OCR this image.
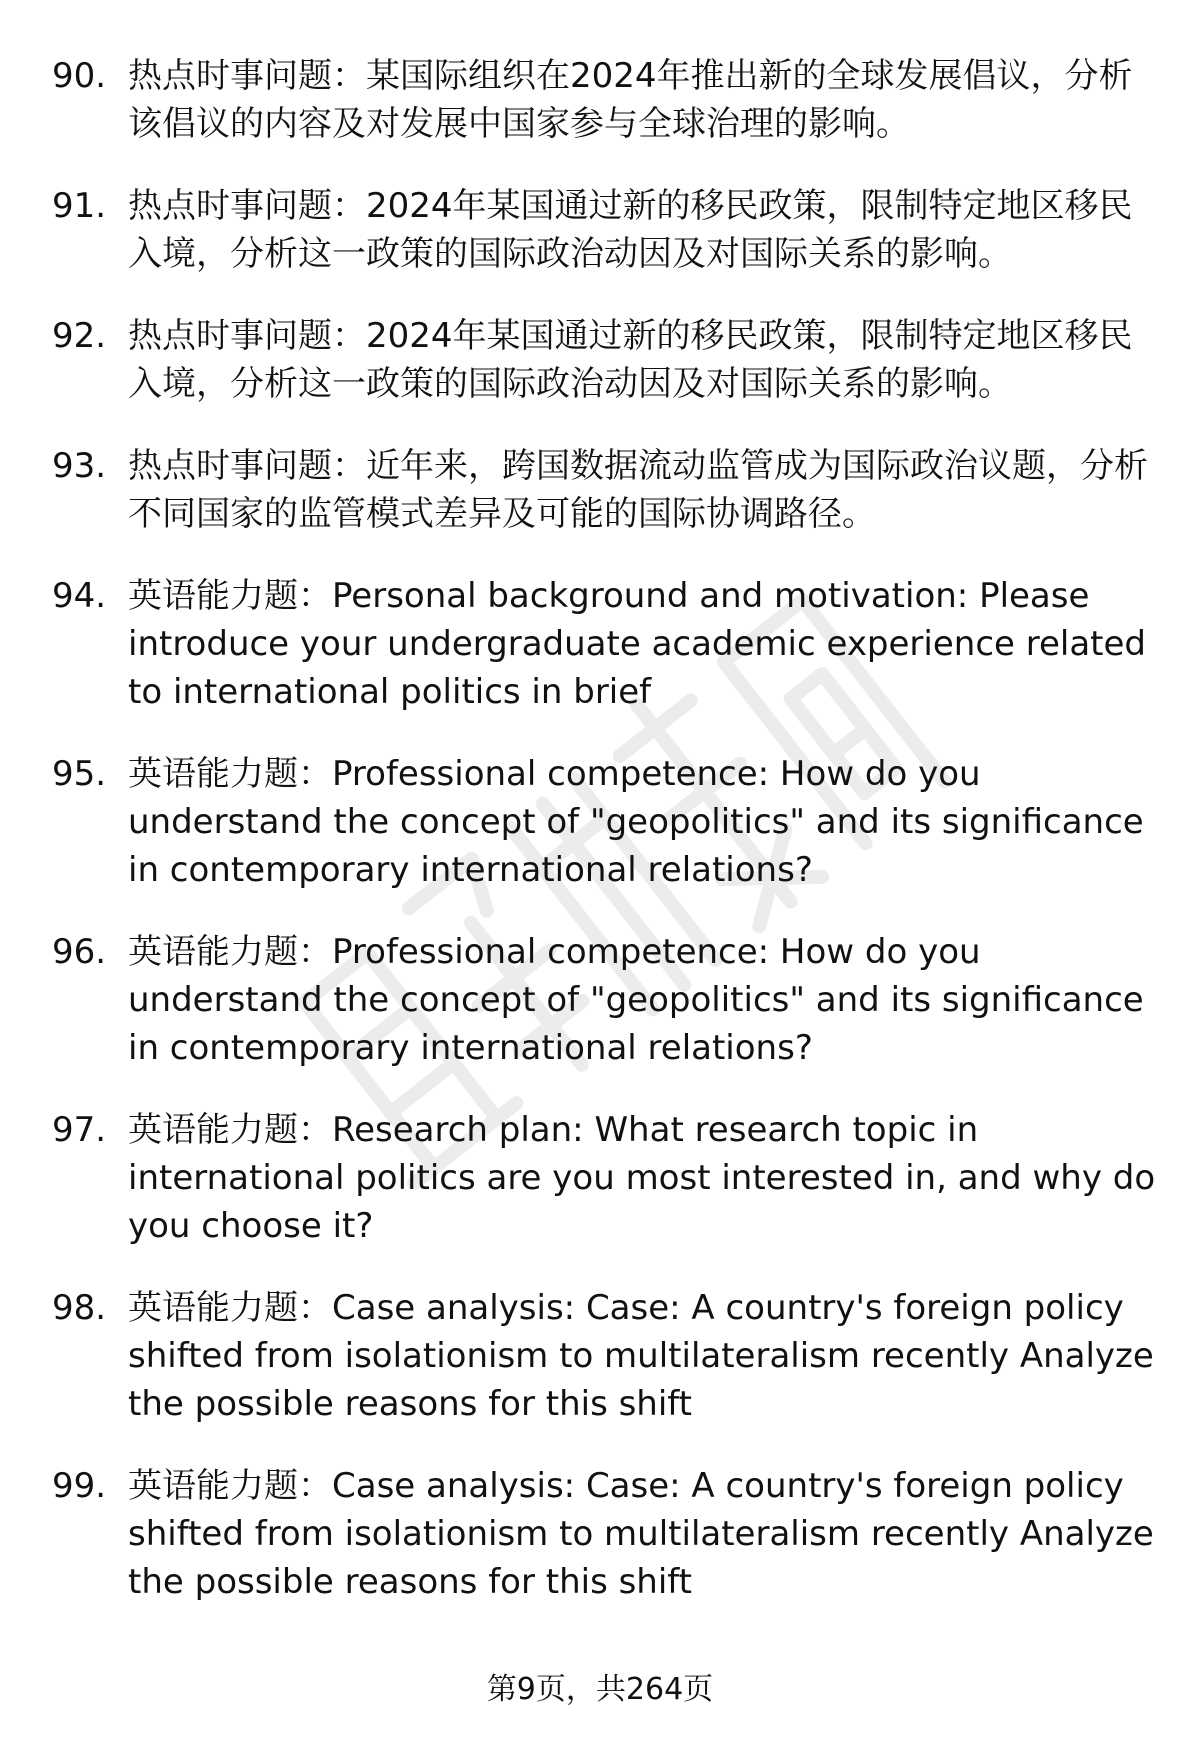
90. 热点时事问题：某国际组织在2024年推出新的全球发展倡议，分析该倡议的内容及对发展中国家参与全球治理的影响。
91. 热点时事问题：2024年某国通过新的移民政策，限制特定地区移民入境，分析这一政策的国际政治动因及对国际关系的影响。
92. 热点时事问题：2024年某国通过新的移民政策，限制特定地区移民入境，分析这一政策的国际政治动因及对国际关系的影响。
93. 热点时事问题：近年来，跨国数据流动监管成为国际政治议题，分析不同国家的监管模式差异及可能的国际协调路径。
94. 英语能力题：Personal background and motivation: Please introduce your undergraduate academic experience related to international politics in brief
95. 英语能力题：Professional competence: How do you understand the concept of "geopolitics" and its significance in contemporary international relations?
96. 英语能力题：Professional competence: How do you understand the concept of "geopolitics" and its significance in contemporary international relations?
97. 英语能力题：Research plan: What research topic in international politics are you most interested in, and why do you choose it?
98. 英语能力题：Case analysis: Case: A country's foreign policy shifted from isolationism to multilateralism recently Analyze the possible reasons for this shift
99. 英语能力题：Case analysis: Case: A country's foreign policy shifted from isolationism to multilateralism recently Analyze the possible reasons for this shift
第9页，共264页
